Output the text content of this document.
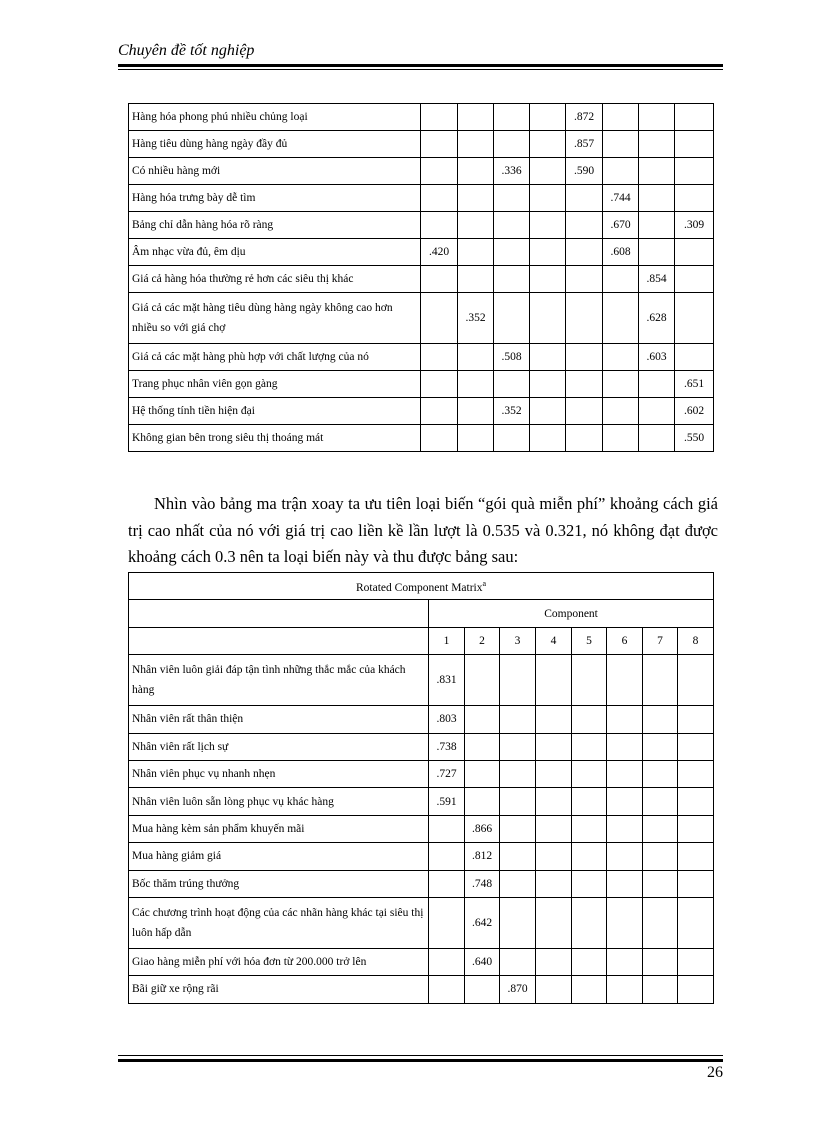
Chuyên đề tốt nghiệp
Hàng hóa phong phú nhiều chủng loại					.872			
Hàng tiêu dùng hàng ngày đầy đủ					.857			
Có nhiều hàng mới			.336		.590			
Hàng hóa trưng bày dễ tìm						.744		
Bảng chỉ dẫn hàng hóa rõ ràng						.670		.309
Âm nhạc vừa đủ, êm dịu	.420					.608		
Giá cả hàng hóa thường rẻ hơn các siêu thị khác							.854	
Giá cả các mặt hàng tiêu dùng hàng ngày không cao hơn nhiều so với giá chợ		.352					.628	
Giá cả các mặt hàng phù hợp với chất lượng của nó			.508				.603	
Trang phục nhân viên gọn gàng								.651
Hệ thống tính tiền hiện đại			.352					.602
Không gian bên trong siêu thị thoáng mát								.550

Nhìn vào bảng ma trận xoay ta ưu tiên loại biến “gói quà miễn phí” khoảng cách giá trị cao nhất của nó với giá trị cao liền kề lần lượt là 0.535 và 0.321, nó không đạt được khoảng cách 0.3 nên ta loại biến này và thu được bảng sau:

Rotated Component Matrix$^a$
	Component							
	1	2	3	4	5	6	7	8
Nhân viên luôn giải đáp tận tình những thắc mắc của khách hàng	.831							
Nhân viên rất thân thiện	.803							
Nhân viên rất lịch sự	.738							
Nhân viên phục vụ nhanh nhẹn	.727							
Nhân viên luôn sẵn lòng phục vụ khác hàng	.591							
Mua hàng kèm sản phẩm khuyến mãi		.866						
Mua hàng giảm giá		.812						
Bốc thăm trúng thưởng		.748						
Các chương trình hoạt động của các nhãn hàng khác tại siêu thị luôn hấp dẫn		.642						
Giao hàng miễn phí với hóa đơn từ 200.000 trở lên		.640						
Bãi giữ xe rộng rãi			.870					
26
